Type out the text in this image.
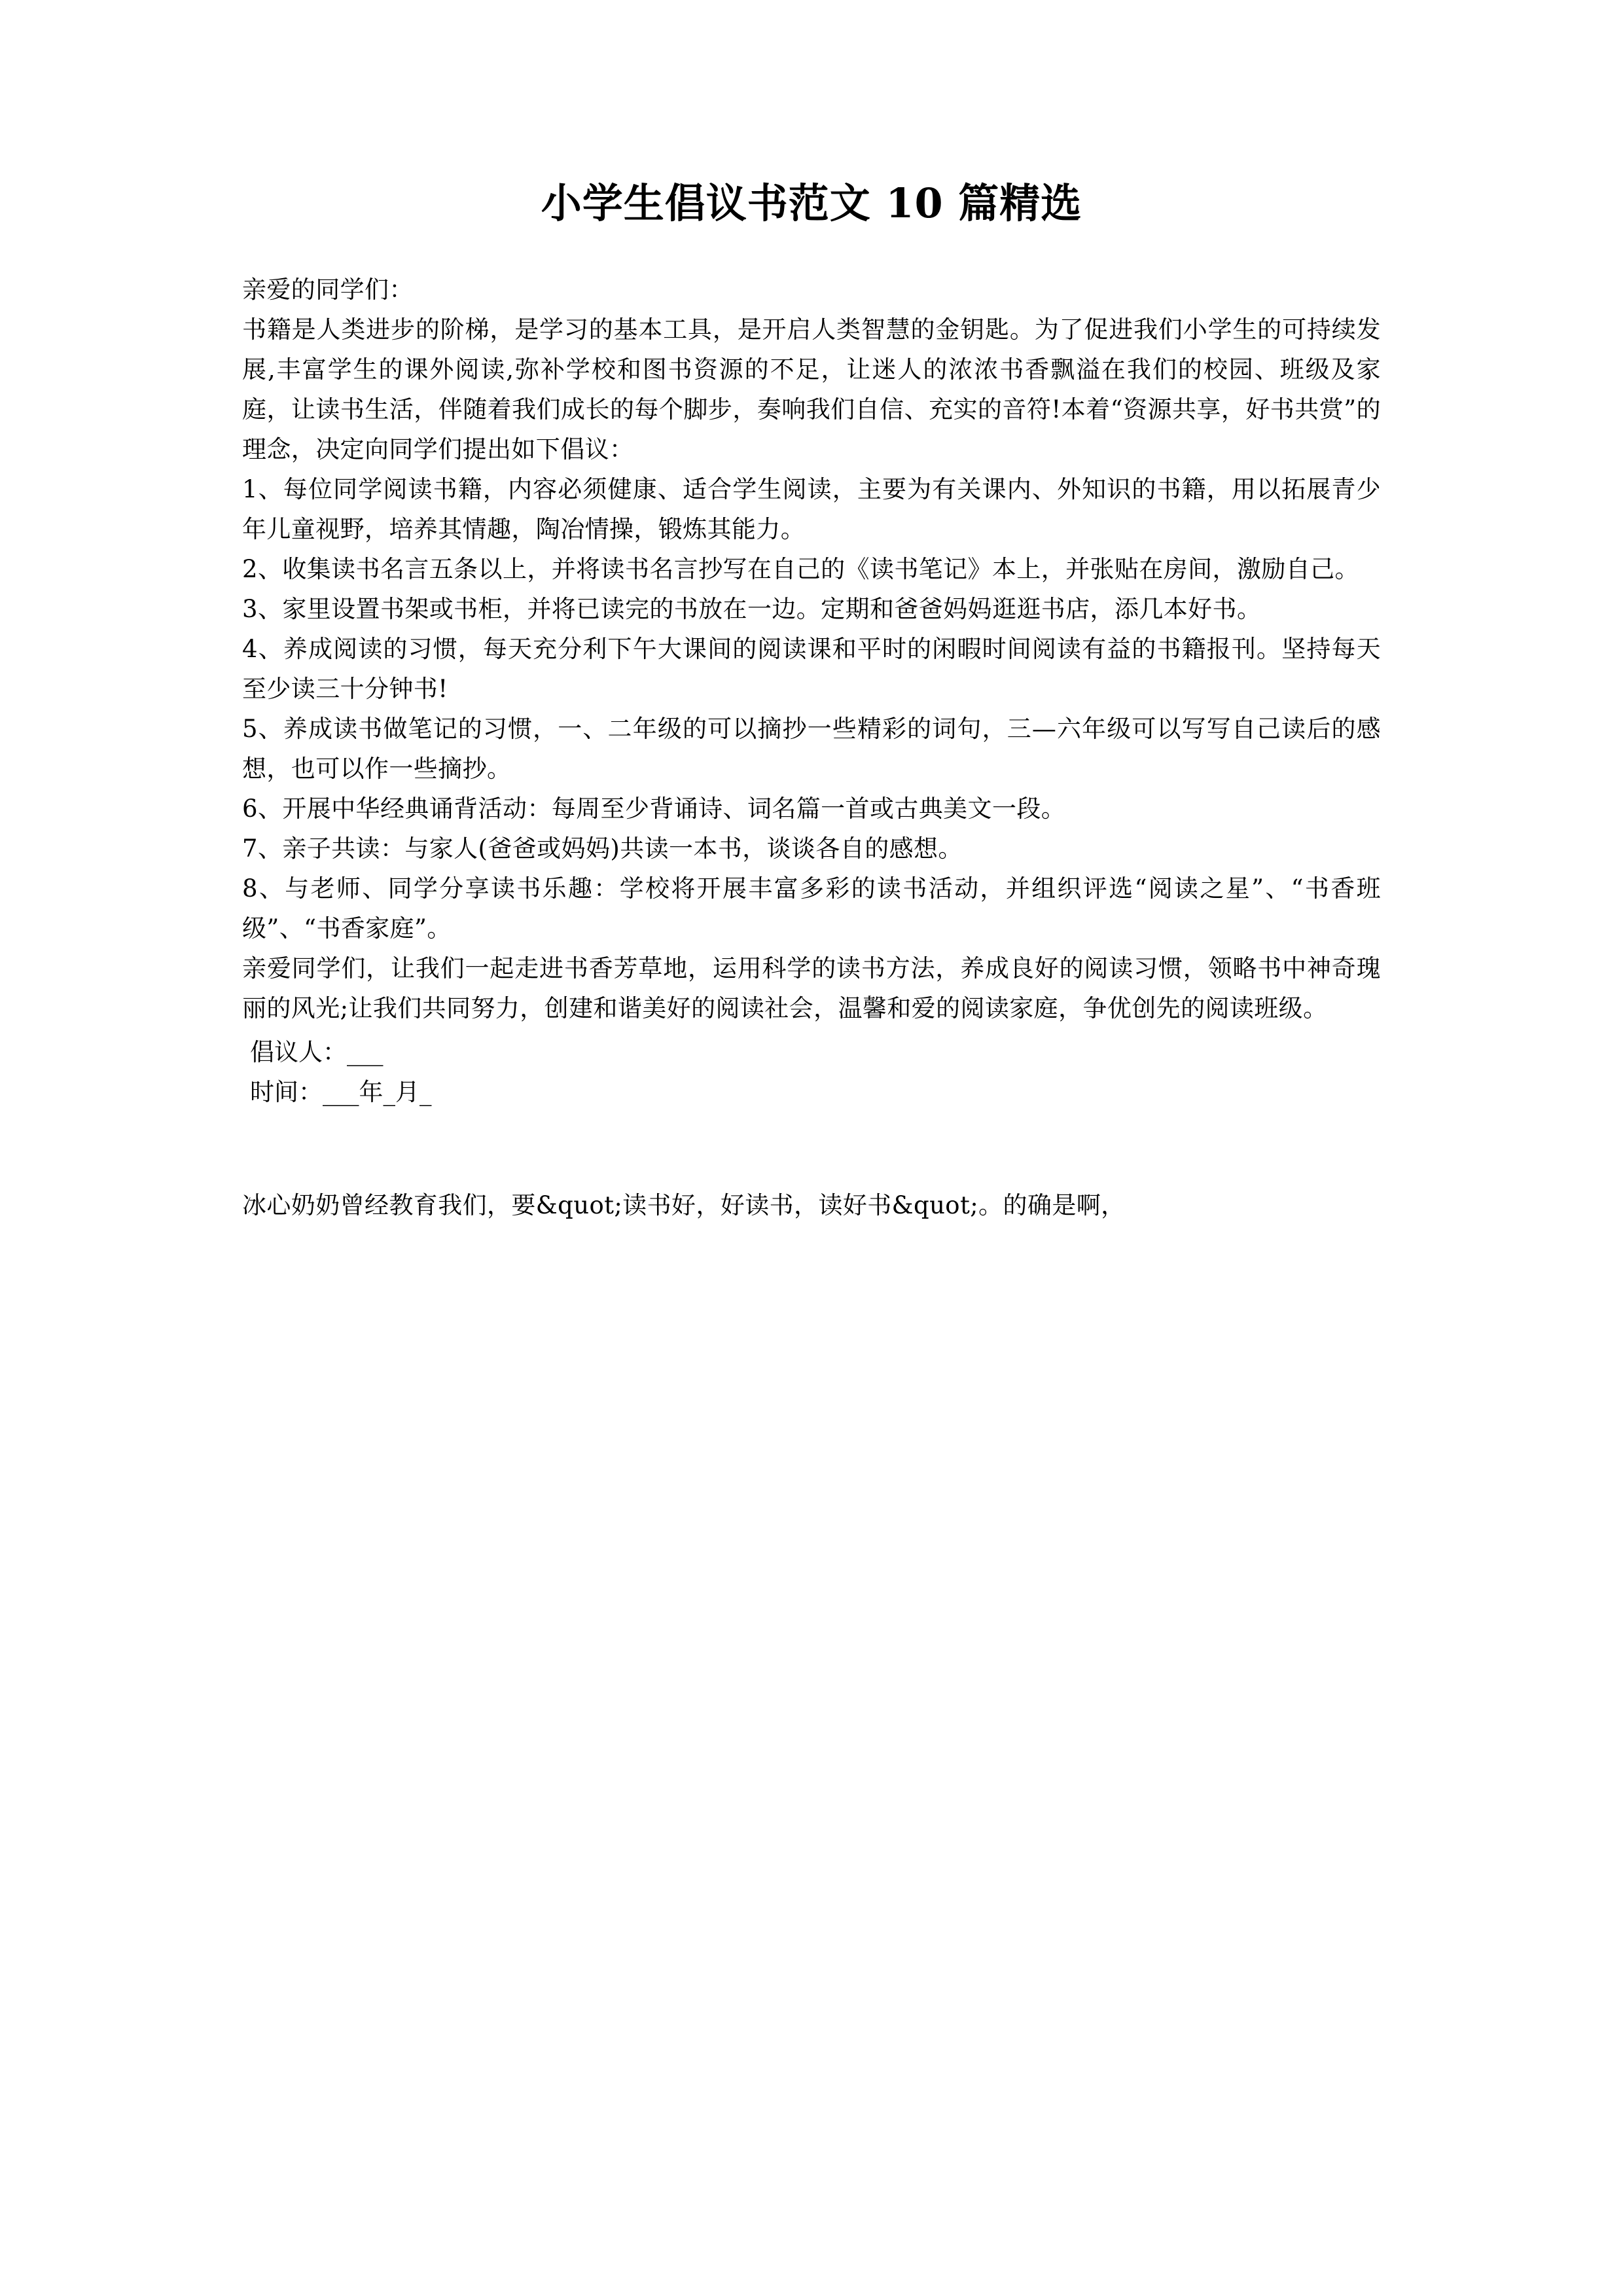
小学生倡议书范文 10 篇精选

亲爱的同学们：

书籍是人类进步的阶梯，是学习的基本工具，是开启人类智慧的金钥匙。为了促进我们小学生的可持续发展,丰富学生的课外阅读,弥补学校和图书资源的不足，让迷人的浓浓书香飘溢在我们的校园、班级及家庭，让读书生活，伴随着我们成长的每个脚步，奏响我们自信、充实的音符!本着“资源共享，好书共赏”的理念，决定向同学们提出如下倡议：

1、每位同学阅读书籍，内容必须健康、适合学生阅读，主要为有关课内、外知识的书籍，用以拓展青少年儿童视野，培养其情趣，陶冶情操，锻炼其能力。

2、收集读书名言五条以上，并将读书名言抄写在自己的《读书笔记》本上，并张贴在房间，激励自己。

3、家里设置书架或书柜，并将已读完的书放在一边。定期和爸爸妈妈逛逛书店，添几本好书。

4、养成阅读的习惯，每天充分利下午大课间的阅读课和平时的闲暇时间阅读有益的书籍报刊。坚持每天至少读三十分钟书!

5、养成读书做笔记的习惯，一、二年级的可以摘抄一些精彩的词句，三—六年级可以写写自己读后的感想，也可以作一些摘抄。

6、开展中华经典诵背活动：每周至少背诵诗、词名篇一首或古典美文一段。

7、亲子共读：与家人(爸爸或妈妈)共读一本书，谈谈各自的感想。

8、与老师、同学分享读书乐趣：学校将开展丰富多彩的读书活动，并组织评选“阅读之星”、“书香班级”、“书香家庭”。

亲爱同学们，让我们一起走进书香芳草地，运用科学的读书方法，养成良好的阅读习惯，领略书中神奇瑰丽的风光;让我们共同努力，创建和谐美好的阅读社会，温馨和爱的阅读家庭，争优创先的阅读班级。

倡议人：___

时间：___年_月_

冰心奶奶曾经教育我们，要&quot;读书好，好读书，读好书&quot;。的确是啊，
